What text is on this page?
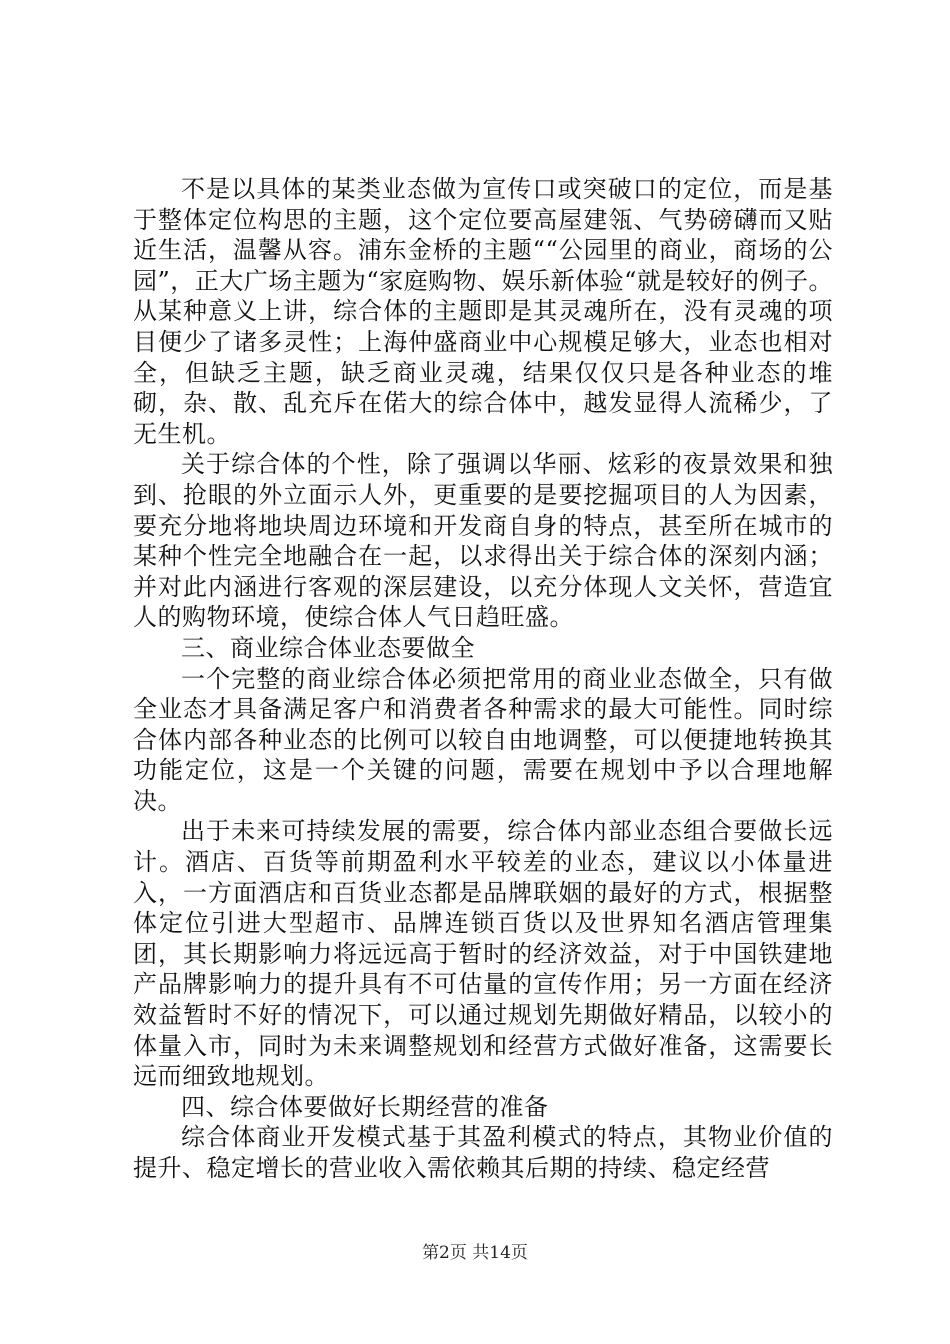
不是以具体的某类业态做为宣传口或突破口的定位，而是基于整体定位构思的主题，这个定位要高屋建瓴、气势磅礴而又贴近生活，温馨从容。浦东金桥的主题““公园里的商业，商场的公园”，正大广场主题为“家庭购物、娱乐新体验“就是较好的例子。从某种意义上讲，综合体的主题即是其灵魂所在，没有灵魂的项目便少了诸多灵性；上海仲盛商业中心规模足够大，业态也相对全，但缺乏主题，缺乏商业灵魂，结果仅仅只是各种业态的堆砌，杂、散、乱充斥在偌大的综合体中，越发显得人流稀少，了无生机。

关于综合体的个性，除了强调以华丽、炫彩的夜景效果和独到、抢眼的外立面示人外，更重要的是要挖掘项目的人为因素，要充分地将地块周边环境和开发商自身的特点，甚至所在城市的某种个性完全地融合在一起，以求得出关于综合体的深刻内涵；并对此内涵进行客观的深层建设，以充分体现人文关怀，营造宜人的购物环境，使综合体人气日趋旺盛。

三、商业综合体业态要做全

一个完整的商业综合体必须把常用的商业业态做全，只有做全业态才具备满足客户和消费者各种需求的最大可能性。同时综合体内部各种业态的比例可以较自由地调整，可以便捷地转换其功能定位，这是一个关键的问题，需要在规划中予以合理地解决。

出于未来可持续发展的需要，综合体内部业态组合要做长远计。酒店、百货等前期盈利水平较差的业态，建议以小体量进入，一方面酒店和百货业态都是品牌联姻的最好的方式，根据整体定位引进大型超市、品牌连锁百货以及世界知名酒店管理集团，其长期影响力将远远高于暂时的经济效益，对于中国铁建地产品牌影响力的提升具有不可估量的宣传作用；另一方面在经济效益暂时不好的情况下，可以通过规划先期做好精品，以较小的体量入市，同时为未来调整规划和经营方式做好准备，这需要长远而细致地规划。

四、综合体要做好长期经营的准备

综合体商业开发模式基于其盈利模式的特点，其物业价值的提升、稳定增长的营业收入需依赖其后期的持续、稳定经营

第2页 共14页
